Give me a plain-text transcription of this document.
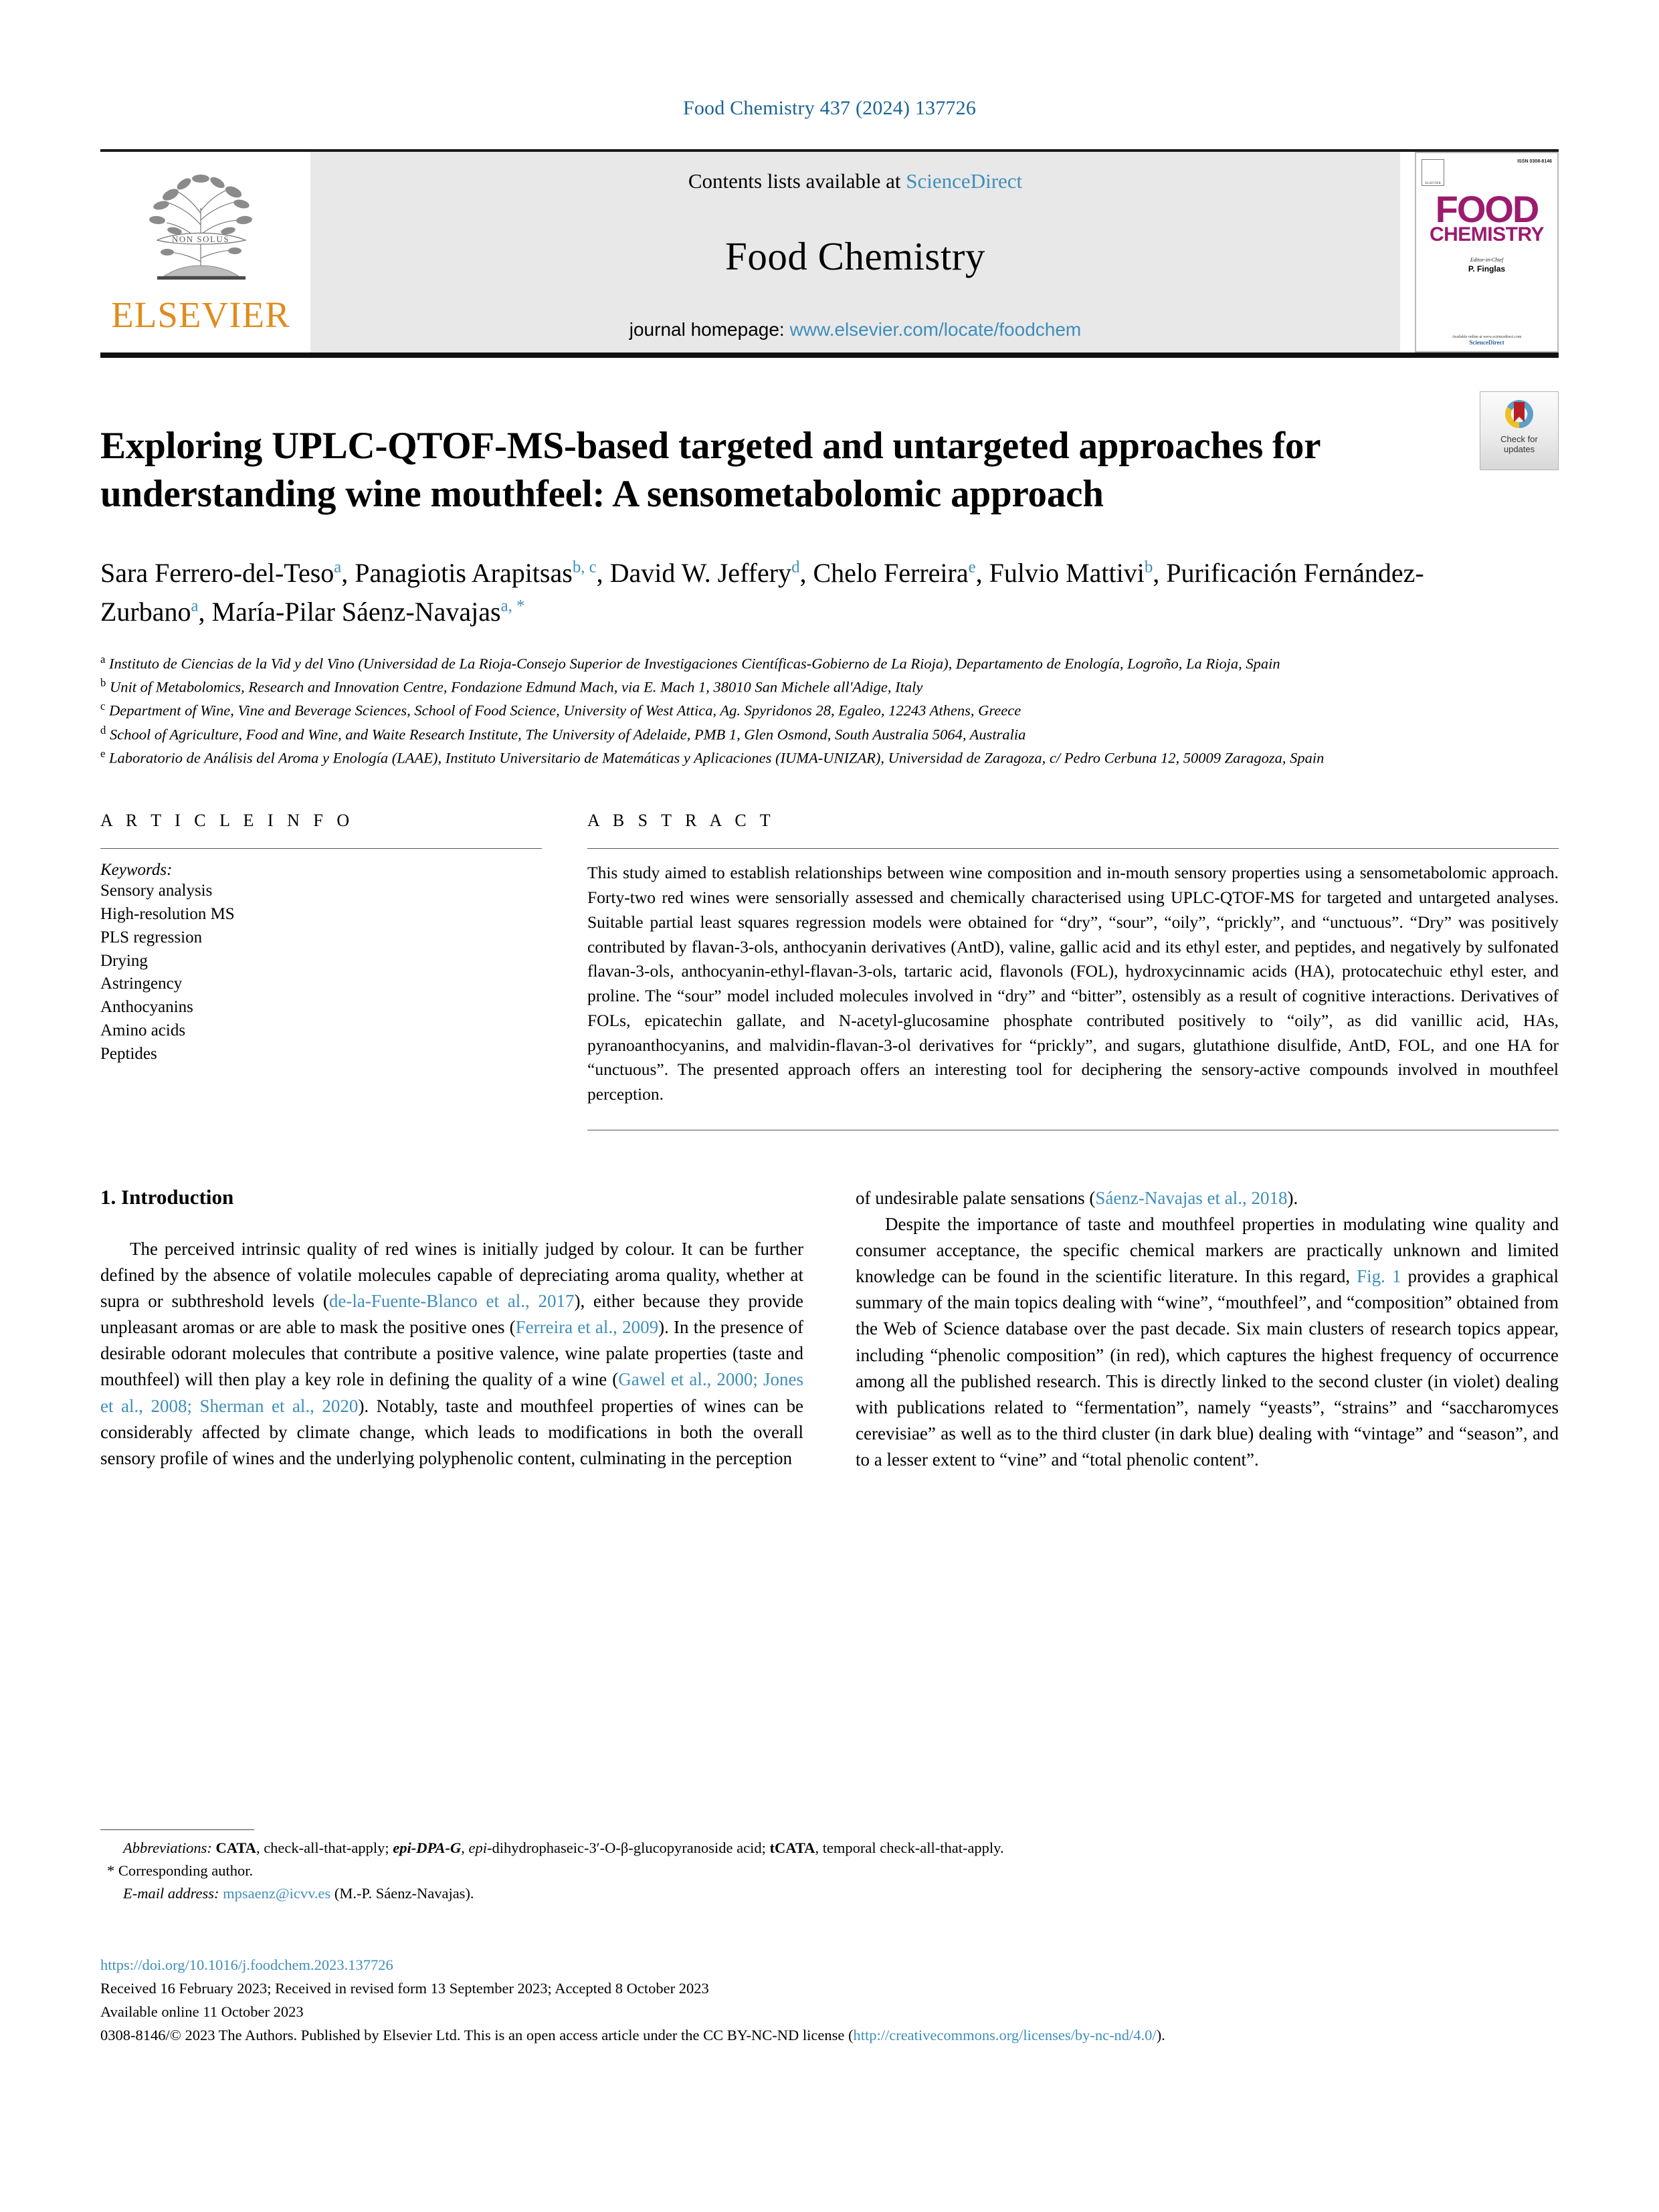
Food Chemistry 437 (2024) 137726
NON SOLUS
ELSEVIER
Contents lists available at ScienceDirect
Food Chemistry
journal homepage: www.elsevier.com/locate/foodchem
ELSEVIER
ISSN 0308-8146
FOOD
CHEMISTRY
Editor-in-Chief
P. Finglas
Available online at www.sciencedirect.com
ScienceDirect
Check for
updates
Exploring UPLC-QTOF-MS-based targeted and untargeted approaches for understanding wine mouthfeel: A sensometabolomic approach
Sara Ferrero-del-Teso$^a$, Panagiotis Arapitsas$^{b, c}$, David W. Jeffery$^d$, Chelo Ferreira$^e$, Fulvio Mattivi$^b$, Purificación Fernández-Zurbano$^a$, María-Pilar Sáenz-Navajas$^{a, *}$
$^a$ Instituto de Ciencias de la Vid y del Vino (Universidad de La Rioja-Consejo Superior de Investigaciones Científicas-Gobierno de La Rioja), Departamento de Enología, Logroño, La Rioja, Spain
$^b$ Unit of Metabolomics, Research and Innovation Centre, Fondazione Edmund Mach, via E. Mach 1, 38010 San Michele all'Adige, Italy
$^c$ Department of Wine, Vine and Beverage Sciences, School of Food Science, University of West Attica, Ag. Spyridonos 28, Egaleo, 12243 Athens, Greece
$^d$ School of Agriculture, Food and Wine, and Waite Research Institute, The University of Adelaide, PMB 1, Glen Osmond, South Australia 5064, Australia
$^e$ Laboratorio de Análisis del Aroma y Enología (LAAE), Instituto Universitario de Matemáticas y Aplicaciones (IUMA-UNIZAR), Universidad de Zaragoza, c/ Pedro Cerbuna 12, 50009 Zaragoza, Spain
A R T I C L E I N F O
Keywords:
Sensory analysis
High-resolution MS
PLS regression
Drying
Astringency
Anthocyanins
Amino acids
Peptides
A B S T R A C T
This study aimed to establish relationships between wine composition and in-mouth sensory properties using a sensometabolomic approach. Forty-two red wines were sensorially assessed and chemically characterised using UPLC-QTOF-MS for targeted and untargeted analyses. Suitable partial least squares regression models were obtained for “dry”, “sour”, “oily”, “prickly”, and “unctuous”. “Dry” was positively contributed by flavan-3-ols, anthocyanin derivatives (AntD), valine, gallic acid and its ethyl ester, and peptides, and negatively by sulfonated flavan-3-ols, anthocyanin-ethyl-flavan-3-ols, tartaric acid, flavonols (FOL), hydroxycinnamic acids (HA), protocatechuic ethyl ester, and proline. The “sour” model included molecules involved in “dry” and “bitter”, ostensibly as a result of cognitive interactions. Derivatives of FOLs, epicatechin gallate, and N-acetyl-glucosamine phosphate contributed positively to “oily”, as did vanillic acid, HAs, pyranoanthocyanins, and malvidin-flavan-3-ol derivatives for “prickly”, and sugars, glutathione disulfide, AntD, FOL, and one HA for “unctuous”. The presented approach offers an interesting tool for deciphering the sensory-active compounds involved in mouthfeel perception.
1. Introduction

The perceived intrinsic quality of red wines is initially judged by colour. It can be further defined by the absence of volatile molecules capable of depreciating aroma quality, whether at supra or subthreshold levels (de-la-Fuente-Blanco et al., 2017), either because they provide unpleasant aromas or are able to mask the positive ones (Ferreira et al., 2009). In the presence of desirable odorant molecules that contribute a positive valence, wine palate properties (taste and mouthfeel) will then play a key role in defining the quality of a wine (Gawel et al., 2000; Jones et al., 2008; Sherman et al., 2020). Notably, taste and mouthfeel properties of wines can be considerably affected by climate change, which leads to modifications in both the overall sensory profile of wines and the underlying polyphenolic content, culminating in the perception

of undesirable palate sensations (Sáenz-Navajas et al., 2018).

Despite the importance of taste and mouthfeel properties in modulating wine quality and consumer acceptance, the specific chemical markers are practically unknown and limited knowledge can be found in the scientific literature. In this regard, Fig. 1 provides a graphical summary of the main topics dealing with “wine”, “mouthfeel”, and “composition” obtained from the Web of Science database over the past decade. Six main clusters of research topics appear, including “phenolic composition” (in red), which captures the highest frequency of occurrence among all the published research. This is directly linked to the second cluster (in violet) dealing with publications related to “fermentation”, namely “yeasts”, “strains” and “saccharomyces cerevisiae” as well as to the third cluster (in dark blue) dealing with “vintage” and “season”, and to a lesser extent to “vine” and “total phenolic content”.

Abbreviations: CATA, check-all-that-apply; epi-DPA-G, epi-dihydrophaseic-3′-O-β-glucopyranoside acid; tCATA, temporal check-all-that-apply.
* Corresponding author.
E-mail address: mpsaenz@icvv.es (M.-P. Sáenz-Navajas).
https://doi.org/10.1016/j.foodchem.2023.137726
Received 16 February 2023; Received in revised form 13 September 2023; Accepted 8 October 2023
Available online 11 October 2023
0308-8146/© 2023 The Authors. Published by Elsevier Ltd. This is an open access article under the CC BY-NC-ND license (http://creativecommons.org/licenses/by-nc-nd/4.0/).
